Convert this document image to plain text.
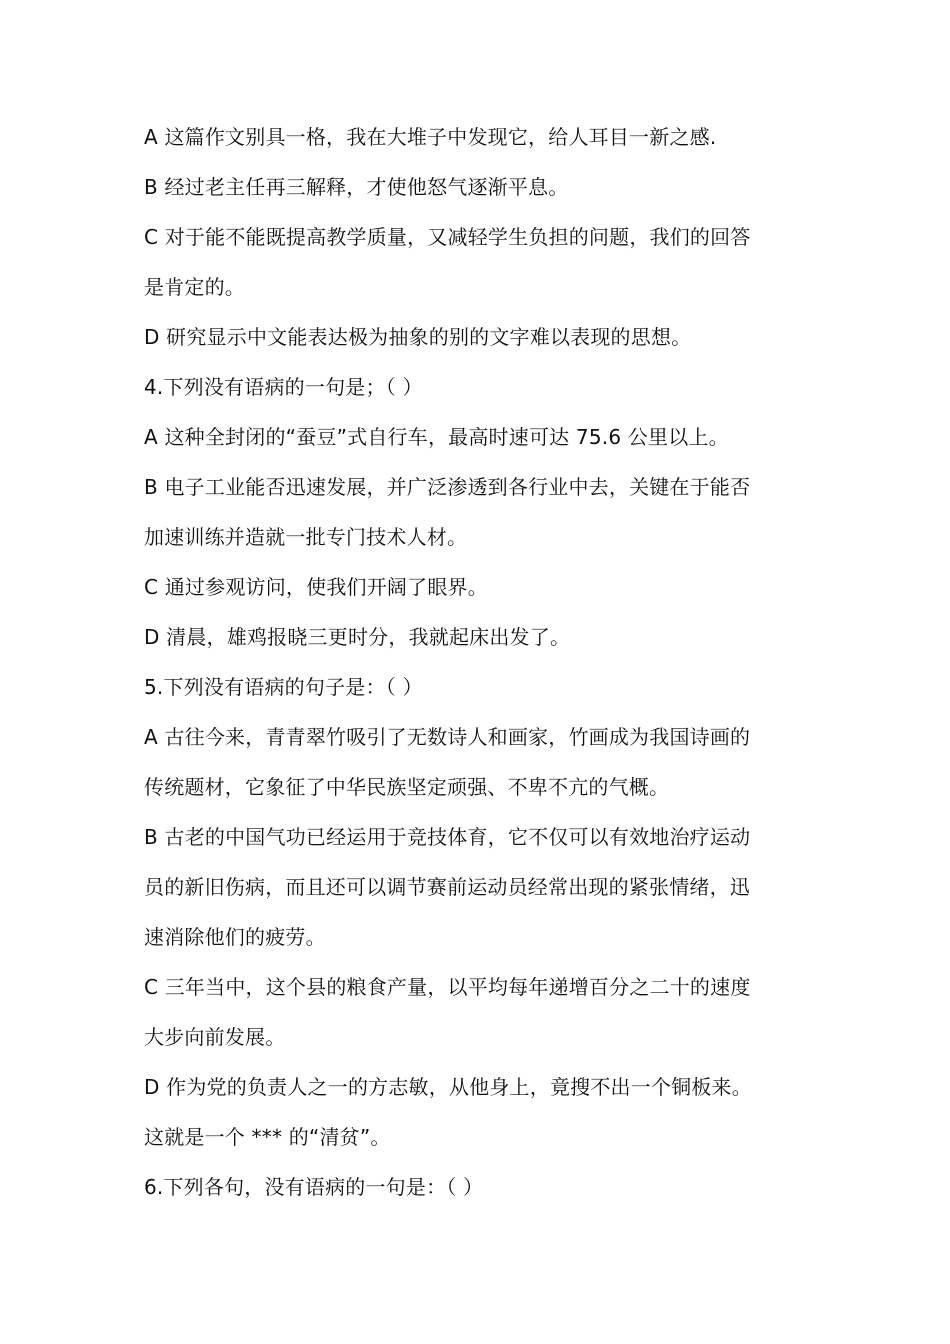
A 这篇作文别具一格，我在大堆子中发现它，给人耳目一新之感.
B 经过老主任再三解释，才使他怒气逐渐平息。
C 对于能不能既提高教学质量，又减轻学生负担的问题，我们的回答
是肯定的。
D 研究显示中文能表达极为抽象的别的文字难以表现的思想。
4.下列没有语病的一句是；（ ）
A 这种全封闭的“蚕豆”式自行车，最高时速可达 75.6 公里以上。
B 电子工业能否迅速发展，并广泛渗透到各行业中去，关键在于能否
加速训练并造就一批专门技术人材。
C 通过参观访问，使我们开阔了眼界。
D 清晨，雄鸡报晓三更时分，我就起床出发了。
5.下列没有语病的句子是：（ ）
A 古往今来，青青翠竹吸引了无数诗人和画家，竹画成为我国诗画的
传统题材，它象征了中华民族坚定顽强、不卑不亢的气概。
B 古老的中国气功已经运用于竞技体育，它不仅可以有效地治疗运动
员的新旧伤病，而且还可以调节赛前运动员经常出现的紧张情绪，迅
速消除他们的疲劳。
C 三年当中，这个县的粮食产量，以平均每年递增百分之二十的速度
大步向前发展。
D 作为党的负责人之一的方志敏，从他身上，竟搜不出一个铜板来。
这就是一个 *** 的“清贫”。
6.下列各句，没有语病的一句是：（ ）
